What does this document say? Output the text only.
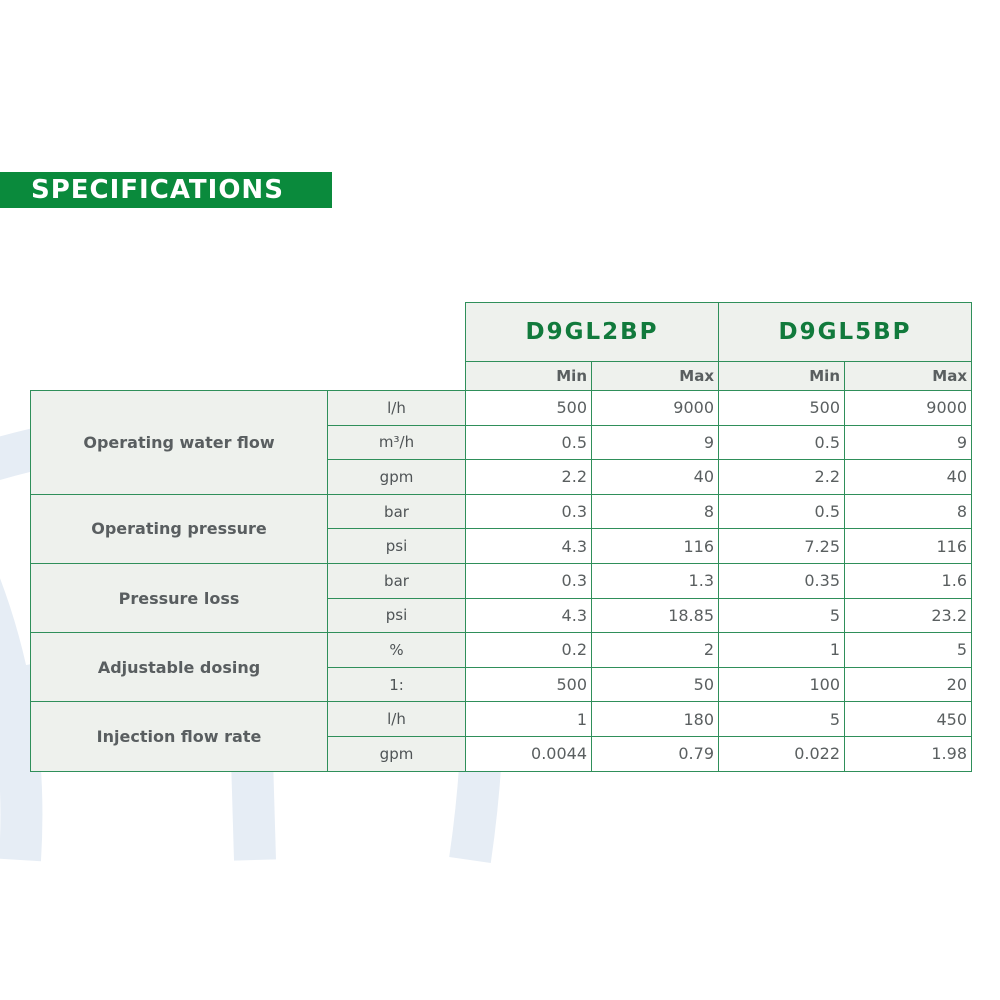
SPECIFICATIONS
		D9GL2BP		D9GL5BP	
		Min	Max	Min	Max
Operating water flow	l/h	500	9000	500	9000
	m³/h	0.5	9	0.5	9
	gpm	2.2	40	2.2	40
Operating pressure	bar	0.3	8	0.5	8
	psi	4.3	116	7.25	116
Pressure loss	bar	0.3	1.3	0.35	1.6
	psi	4.3	18.85	5	23.2
Adjustable dosing	%	0.2	2	1	5
	1:	500	50	100	20
Injection flow rate	l/h	1	180	5	450
	gpm	0.0044	0.79	0.022	1.98
